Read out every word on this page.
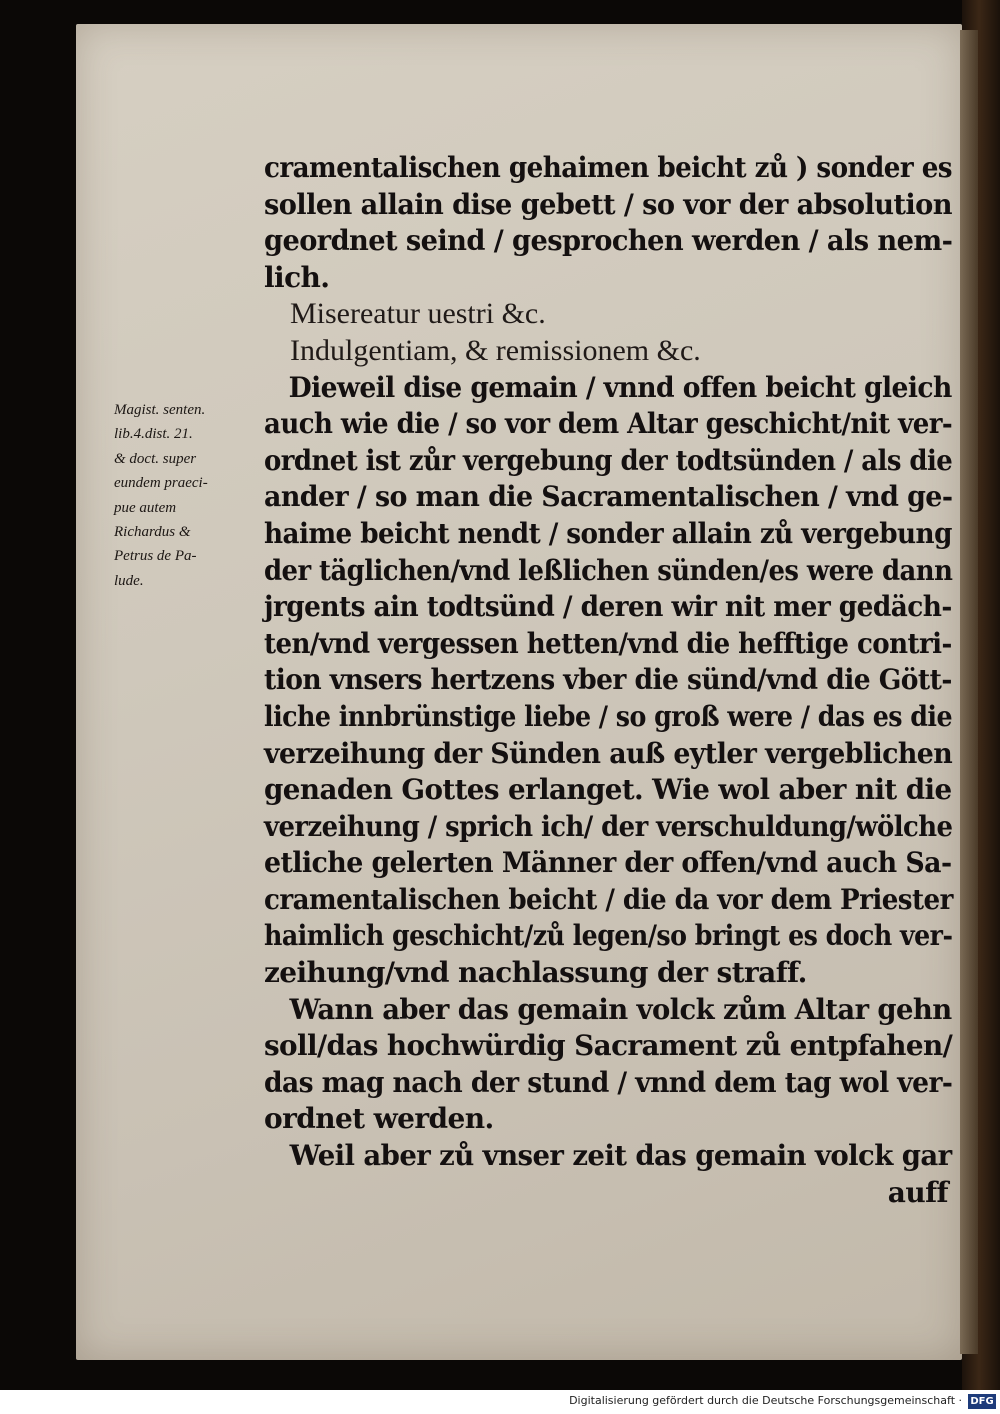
cramentalischen gehaimen beicht zů ) sonder es
sollen allain dise gebett / so vor der absolution
geordnet seind / gesprochen werden / als nem‑
lich.
Misereatur uestri &c.
Indulgentiam, & remissionem &c.
Dieweil dise gemain / vnnd offen beicht gleich
auch wie die / so vor dem Altar geschicht/nit ver‑
ordnet ist zůr vergebung der todtsünden / als die
ander / so man die Sacramentalischen / vnd ge‑
haime beicht nendt / sonder allain zů vergebung
der täglichen/vnd leßlichen sünden/es were dann
jrgents ain todtsünd / deren wir nit mer gedäch‑
ten/vnd vergessen hetten/vnd die hefftige contri‑
tion vnsers hertzens vber die sünd/vnd die Gött‑
liche innbrünstige liebe / so groß were / das es die
verzeihung der Sünden auß eytler vergeblichen
genaden Gottes erlanget. Wie wol aber nit die
verzeihung / sprich ich/ der verschuldung/wölche
etliche gelerten Männer der offen/vnd auch Sa‑
cramentalischen beicht / die da vor dem Priester
haimlich geschicht/zů legen/so bringt es doch ver‑
zeihung/vnd nachlassung der straff.
Wann aber das gemain volck zům Altar gehn
soll/das hochwürdig Sacrament zů entpfahen/
das mag nach der stund / vnnd dem tag wol ver‑
ordnet werden.
Weil aber zů vnser zeit das gemain volck gar
auff
Magist. senten.
lib.4.dist. 21.
& doct. super
eundem praeci‑
pue autem
Richardus &
Petrus de Pa‑
lude.
Digitalisierung gefördert durch die Deutsche Forschungsgemeinschaft · DFG
